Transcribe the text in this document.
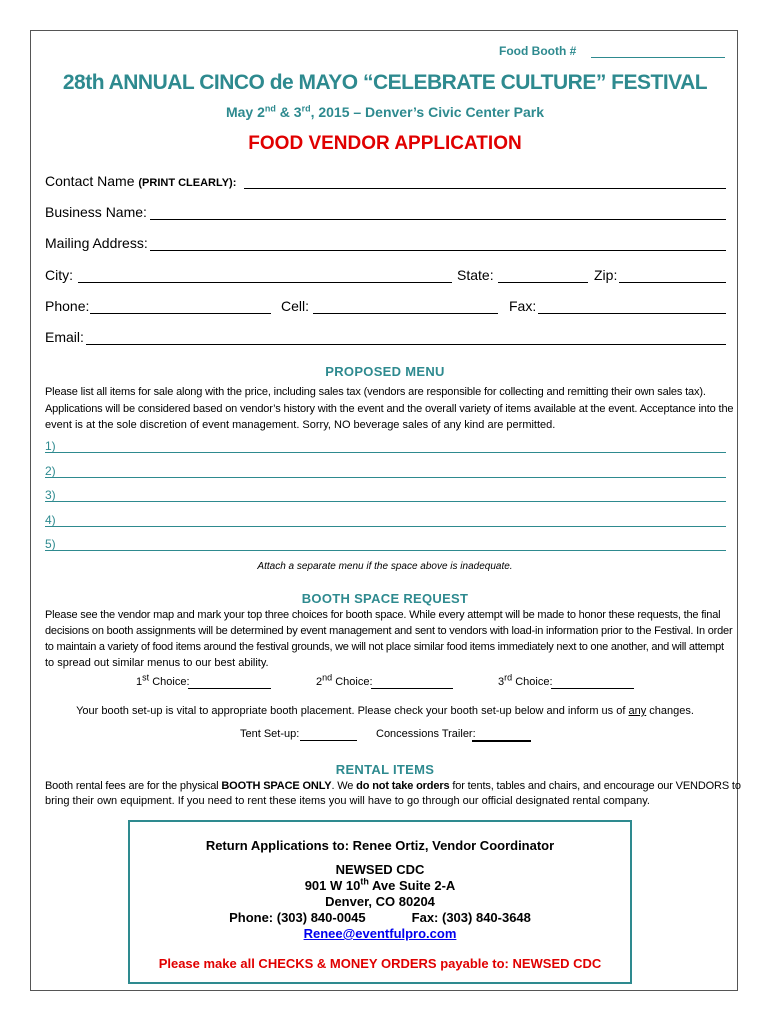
Food Booth #
28th ANNUAL CINCO de MAYO “CELEBRATE CULTURE” FESTIVAL
May 2nd & 3rd, 2015 – Denver’s Civic Center Park
FOOD VENDOR APPLICATION
Contact Name (PRINT CLEARLY):
Business Name:
Mailing Address:
City:	State:	Zip:
Phone:	Cell:	Fax:
Email:
PROPOSED MENU
Please list all items for sale along with the price, including sales tax (vendors are responsible for collecting and remitting their own sales tax).
Applications will be considered based on vendor’s history with the event and the overall variety of items available at the event. Acceptance into the
event is at the sole discretion of event management. Sorry, NO beverage sales of any kind are permitted.
1)
2)
3)
4)
5)
Attach a separate menu if the space above is inadequate.
BOOTH SPACE REQUEST
Please see the vendor map and mark your top three choices for booth space. While every attempt will be made to honor these requests, the final
decisions on booth assignments will be determined by event management and sent to vendors with load-in information prior to the Festival. In order
to maintain a variety of food items around the festival grounds, we will not place similar food items immediately next to one another, and will attempt
to spread out similar menus to our best ability.
1st Choice:	2nd Choice:	3rd Choice:
Your booth set-up is vital to appropriate booth placement. Please check your booth set-up below and inform us of any changes.
Tent Set-up:	Concessions Trailer:
RENTAL ITEMS
Booth rental fees are for the physical BOOTH SPACE ONLY. We do not take orders for tents, tables and chairs, and encourage our VENDORS to
bring their own equipment. If you need to rent these items you will have to go through our official designated rental company.
Return Applications to: Renee Ortiz, Vendor Coordinator
NEWSED CDC
901 W 10th Ave Suite 2-A
Denver, CO 80204
Phone: (303) 840-0045	Fax: (303) 840-3648
Renee@eventfulpro.com
Please make all CHECKS & MONEY ORDERS payable to: NEWSED CDC
